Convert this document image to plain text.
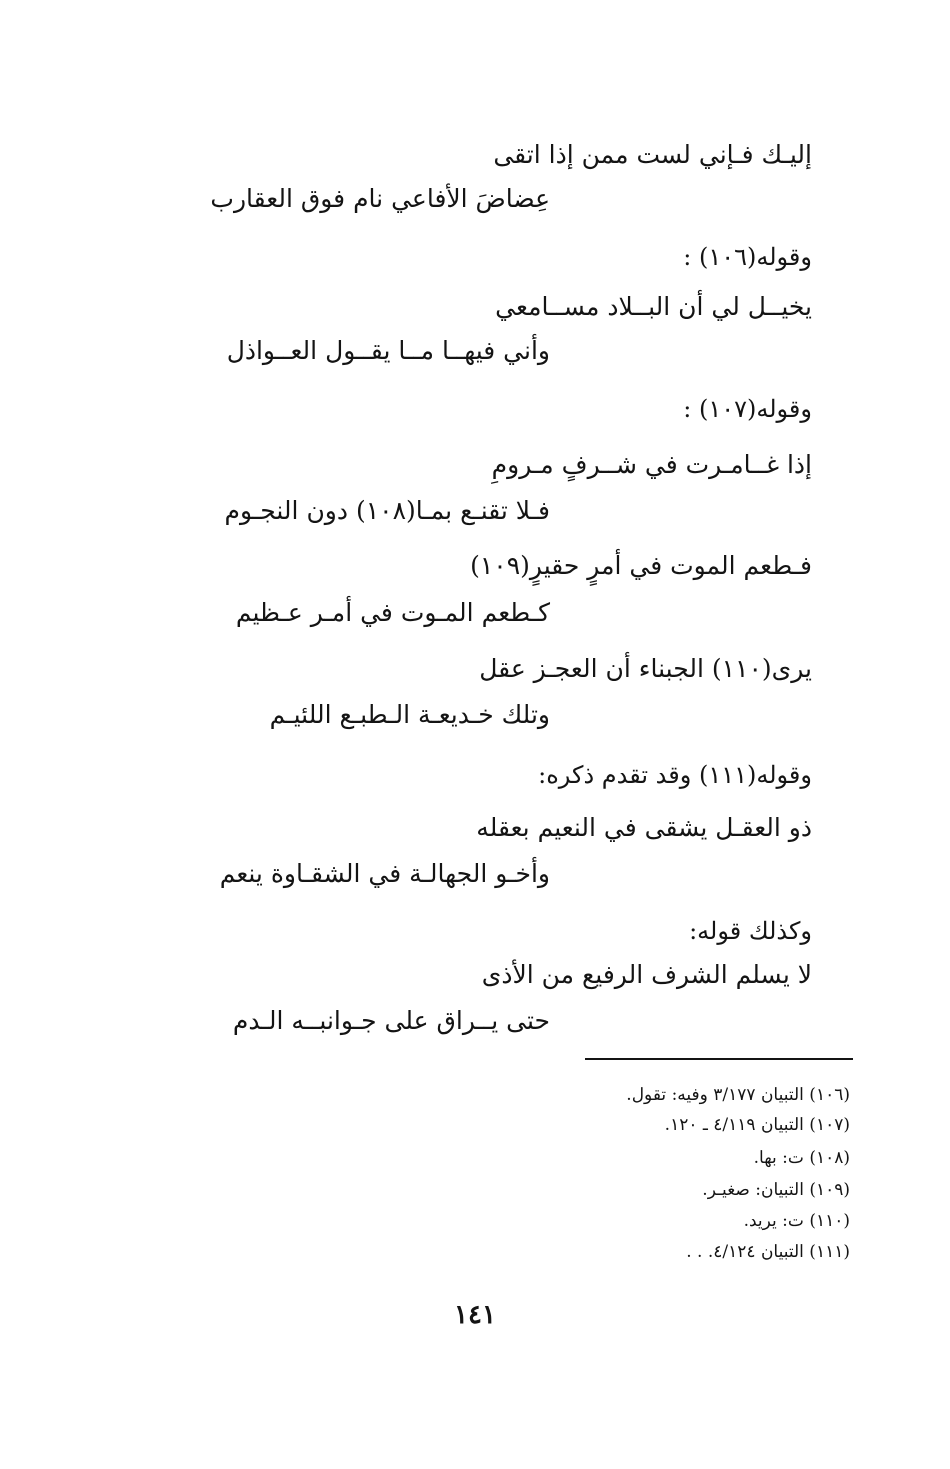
إليـك فـإني لست ممن إذا اتقى
عِضاضَ الأفاعي نام فوق العقارب
وقوله(١٠٦) :
يخيــل لي أن البــلاد مســامعي
وأني فيهــا مــا يقــول العــواذل
وقوله(١٠٧) :
إذا غــامـرت في شــرفٍ مـرومِ
فـلا تقنـع بمـا(١٠٨) دون النجـوم
فـطعم الموت في أمرٍ حقيرٍ(١٠٩)
كـطعم المـوت في أمـر عـظيم
يرى(١١٠) الجبناء أن العجـز عقل
وتلك خـديعـة الـطبـع اللئيـم
وقوله(١١١) وقد تقدم ذكره:
ذو العقـل يشقى في النعيم بعقله
وأخـو الجهالـة في الشقـاوة ينعم
وكذلك قوله:
لا يسلم الشرف الرفيع من الأذى
حتى يــراق على جـوانبــه الـدم
(١٠٦) التبيان ٣/١٧٧ وفيه: تقول.
(١٠٧) التبيان ٤/١١٩ ـ ١٢٠.
(١٠٨) ت: بها.
(١٠٩) التبيان: صغيـر.
(١١٠) ت: يريد.
(١١١) التبيان ٤/١٢٤. . .
١٤١
